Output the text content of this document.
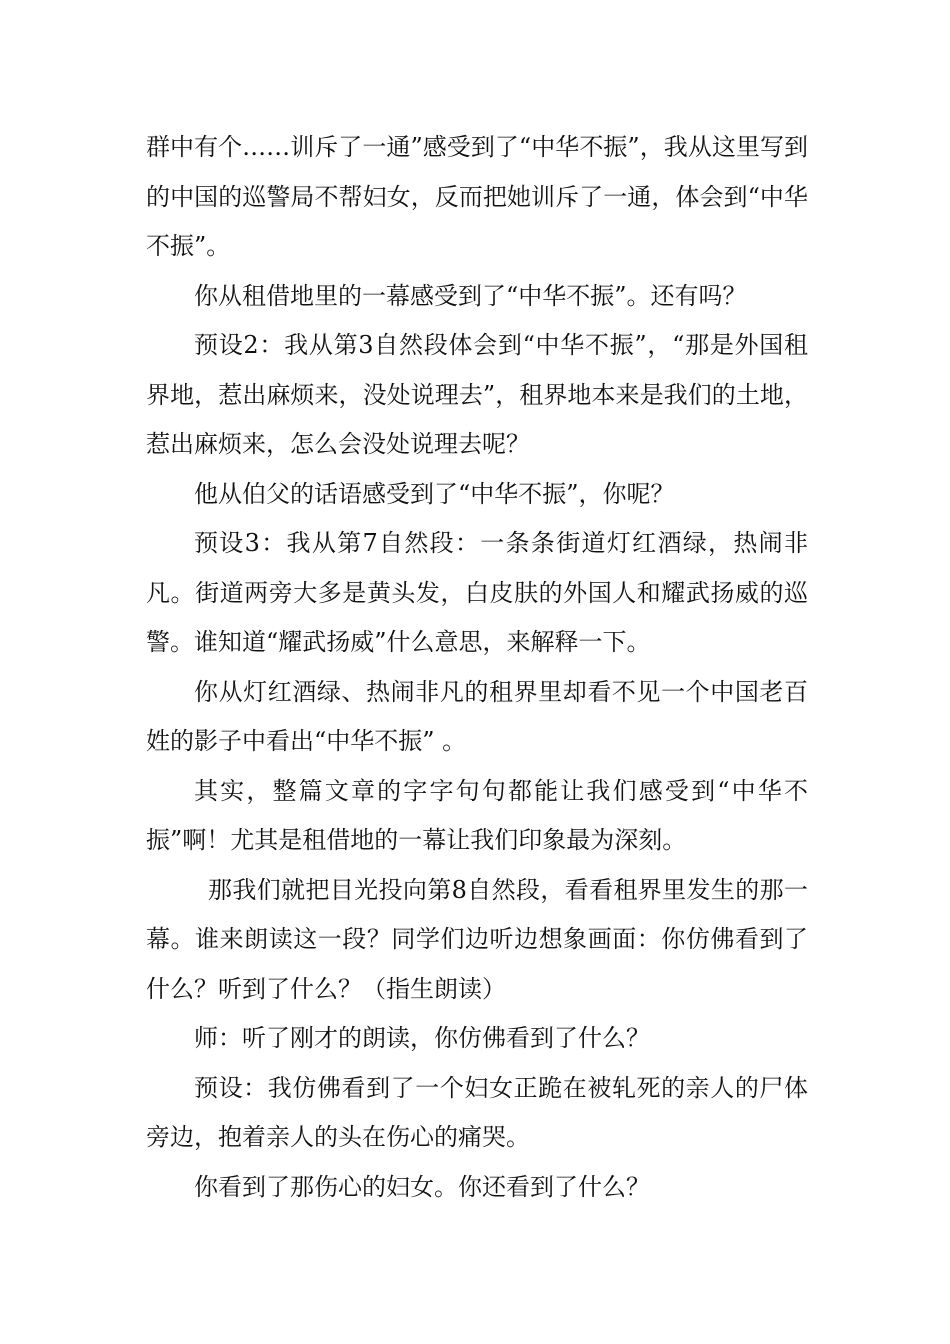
群中有个……训斥了一通”感受到了“中华不振”，我从这里写到的中国的巡警局不帮妇女，反而把她训斥了一通，体会到“中华不振”。

你从租借地里的一幕感受到了“中华不振”。还有吗？

预设2：我从第3自然段体会到“中华不振”，“那是外国租界地，惹出麻烦来，没处说理去”，租界地本来是我们的土地，惹出麻烦来，怎么会没处说理去呢？

他从伯父的话语感受到了“中华不振”，你呢？

预设3：我从第7自然段：一条条街道灯红酒绿，热闹非凡。街道两旁大多是黄头发，白皮肤的外国人和耀武扬威的巡警。谁知道“耀武扬威”什么意思，来解释一下。

你从灯红酒绿、热闹非凡的租界里却看不见一个中国老百姓的影子中看出“中华不振” 。

其实，整篇文章的字字句句都能让我们感受到“中华不振”啊！尤其是租借地的一幕让我们印象最为深刻。

那我们就把目光投向第8自然段，看看租界里发生的那一幕。谁来朗读这一段？同学们边听边想象画面：你仿佛看到了什么？听到了什么？（指生朗读）

师：听了刚才的朗读，你仿佛看到了什么？

预设：我仿佛看到了一个妇女正跪在被轧死的亲人的尸体旁边，抱着亲人的头在伤心的痛哭。

你看到了那伤心的妇女。你还看到了什么？
